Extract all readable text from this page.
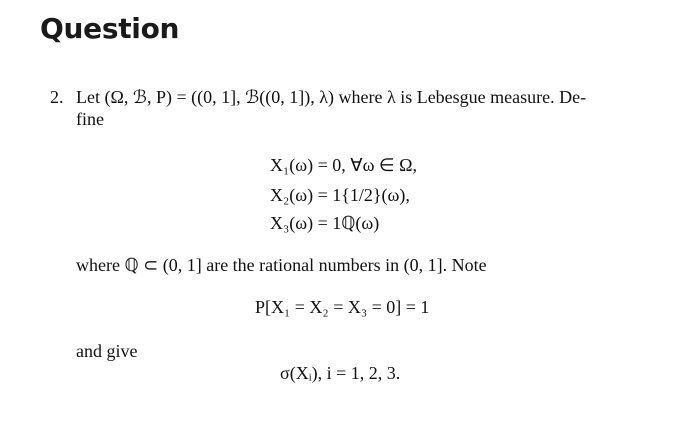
Question
2. Let (Ω, ℬ, P) = ((0, 1], ℬ((0, 1]), λ) where λ is Lebesgue measure. De-
fine
X₁(ω) = 0, ∀ω ∈ Ω,
X₂(ω) = 1{1/2}(ω),
X₃(ω) = 1ℚ(ω)
where ℚ ⊂ (0, 1] are the rational numbers in (0, 1]. Note
P[X₁ = X₂ = X₃ = 0] = 1
and give
σ(Xᵢ), i = 1, 2, 3.
